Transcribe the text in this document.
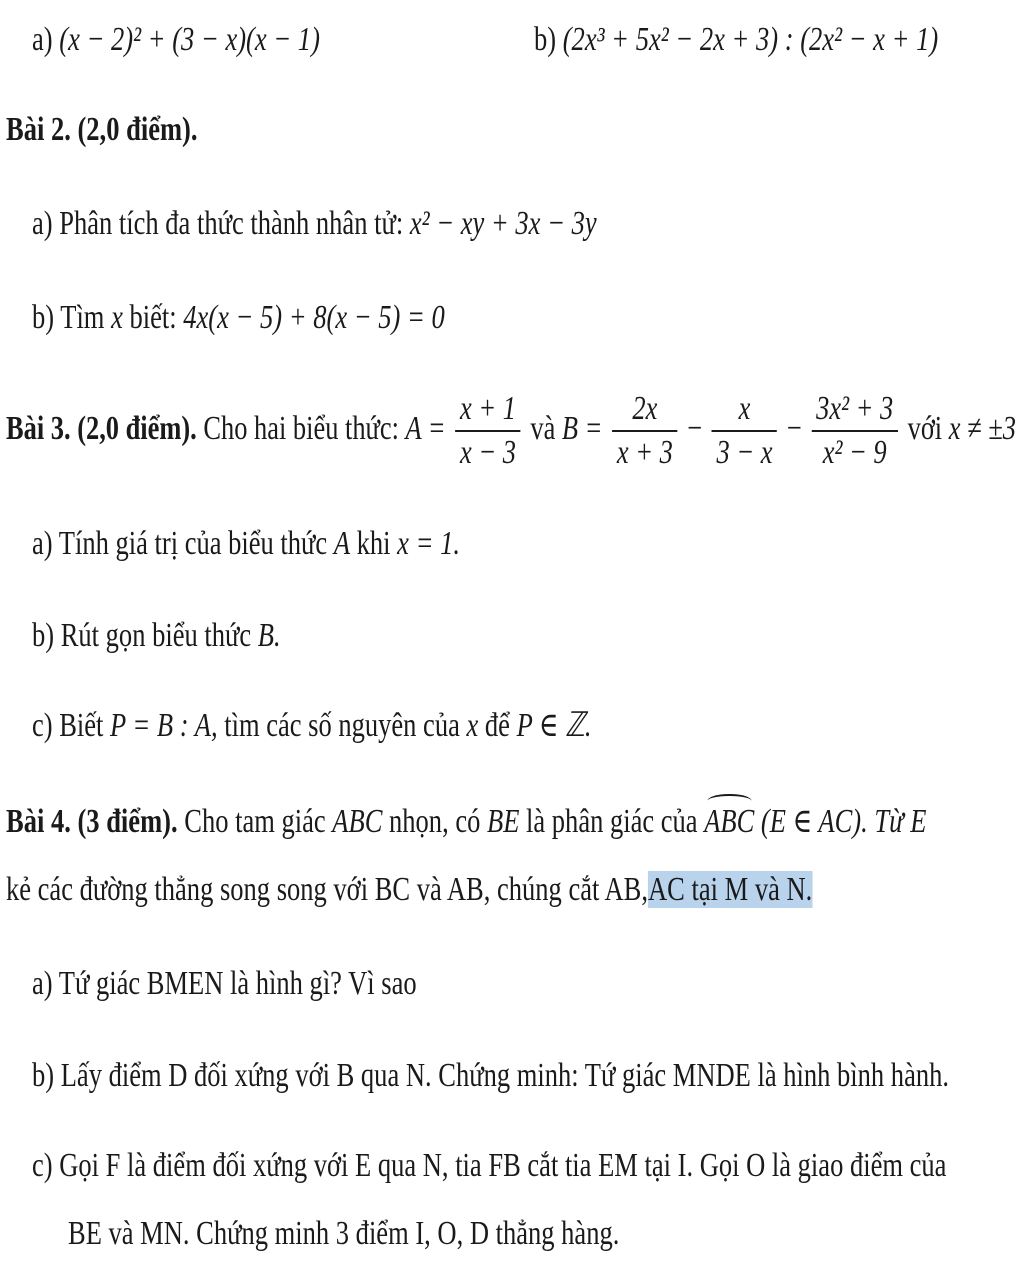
a) (x − 2)² + (3 − x)(x − 1)	b) (2x³ + 5x² − 2x + 3) : (2x² − x + 1)
Bài 2. (2,0 điểm).
a) Phân tích đa thức thành nhân tử: x² − xy + 3x − 3y
b) Tìm x biết: 4x(x − 5) + 8(x − 5) = 0
Bài 3. (2,0 điểm). Cho hai biểu thức: $A = \frac{x + 1}{x - 3}$ và $B = \frac{2x}{x + 3} - \frac{x}{3 - x} - \frac{\text{3x² + 3}}{\text{x² − 9}}$ với x ≠ ±3
a) Tính giá trị của biểu thức A khi x = 1.
b) Rút gọn biểu thức B.
c) Biết P = B : A, tìm các số nguyên của x để P ∈ ℤ.
Bài 4. (3 điểm). Cho tam giác ABC nhọn, có BE là phân giác của ABC (E ∈ AC). Từ E
kẻ các đường thẳng song song với BC và AB, chúng cắt AB,AC tại M và N.
a) Tứ giác BMEN là hình gì? Vì sao
b) Lấy điểm D đối xứng với B qua N. Chứng minh: Tứ giác MNDE là hình bình hành.
c) Gọi F là điểm đối xứng với E qua N, tia FB cắt tia EM tại I. Gọi O là giao điểm của
BE và MN. Chứng minh 3 điểm I, O, D thẳng hàng.
